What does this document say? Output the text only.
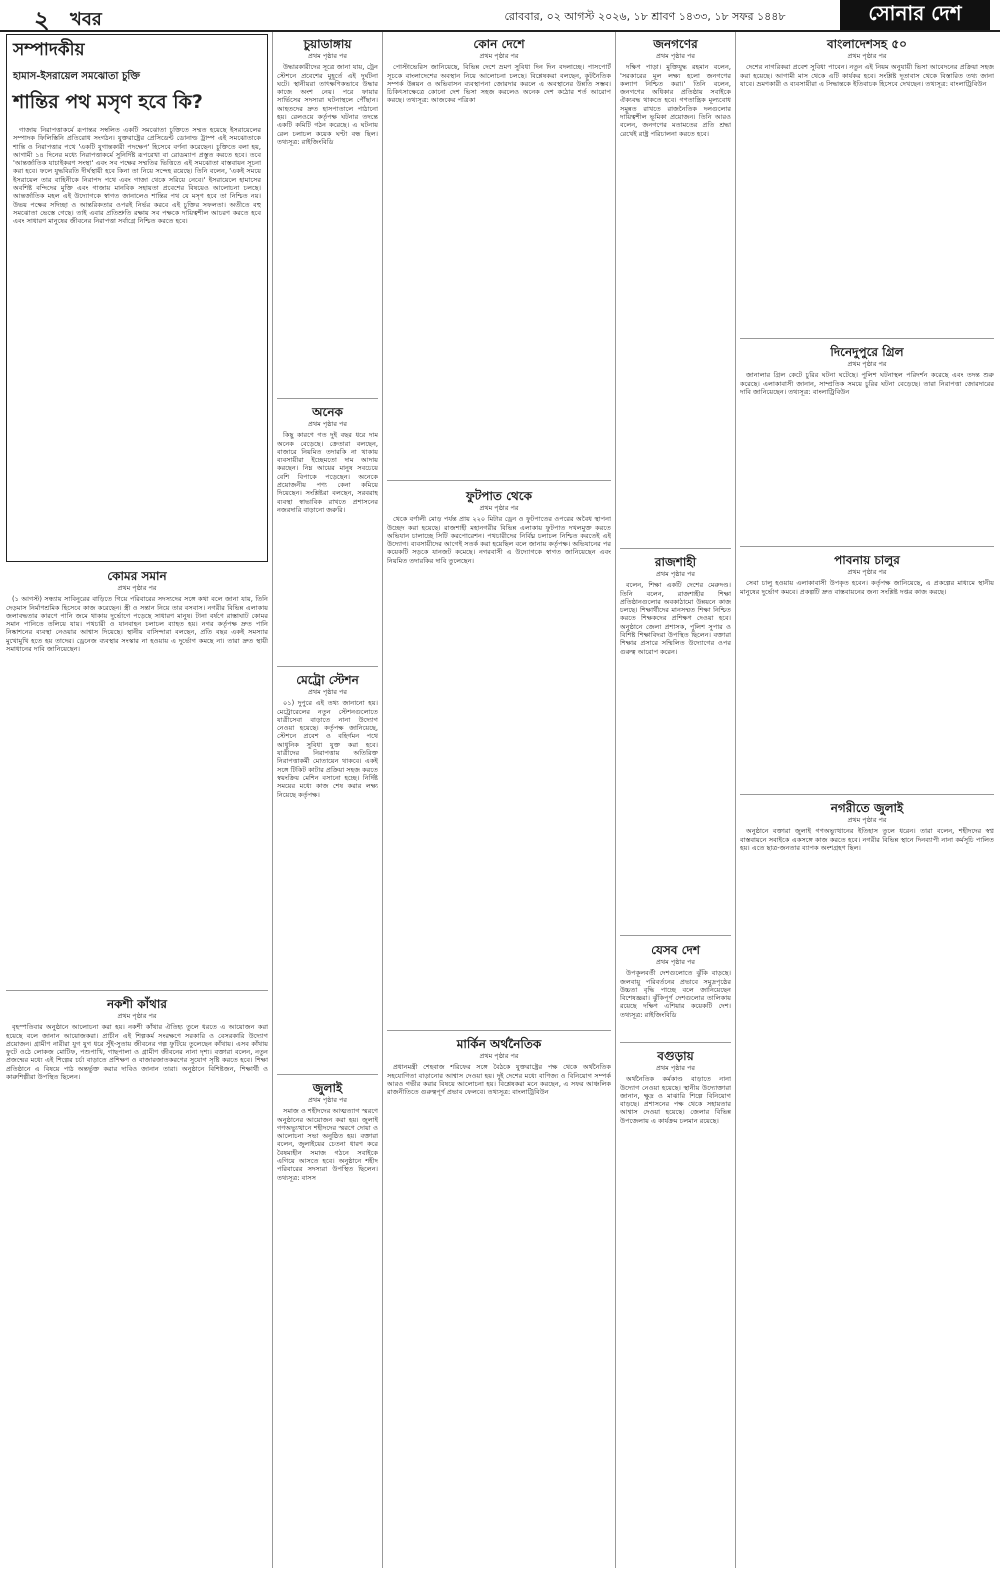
২ খবর	রোববার, ০২ আগস্ট ২০২৬, ১৮ শ্রাবণ ১৪৩৩, ১৮ সফর ১৪৪৮	সোনার দেশ
সম্পাদকীয়
হামাস-ইসরায়েল সমঝোতা চুক্তি
শান্তির পথ মসৃণ হবে কি?

গাজায় নিরাপত্তাকর্মে রূপান্তর সম্বলিত একটি সমঝোতা চুক্তিতে সম্মত হয়েছে ইসরায়েলের সম্পাদক ফিলিস্তিনি প্রতিরোধ সংগঠন। যুক্তরাষ্ট্রের প্রেসিডেন্ট ডোনাল্ড ট্রাম্প এই সমঝোতাকে শান্তি ও নিরাপত্তার পথে 'একটি যুগান্তকারী পদক্ষেপ' হিসেবে বর্ণনা করেছেন। চুক্তিতে বলা হয়, আগামী ১৪ দিনের মধ্যে নিরাপত্তাকর্মে সুনির্দিষ্ট রূপরেখা বা রোডম্যাপ প্রস্তুত করতে হবে। তবে 'আন্তর্জাতিক যাচাইকরণ সংস্থা' এবং সব পক্ষের সম্মতির ভিত্তিতে এই সমঝোতা বাস্তবায়ন সূচনা করা হবে। ফলে যুদ্ধবিরতি দীর্ঘস্থায়ী হবে কিনা তা নিয়ে সন্দেহ রয়েছে। তিনি বলেন, 'একই সময়ে ইসরায়েল তার বাহিনীকে নিরাপদ পথে এবং গাজা থেকে সরিয়ে নেবে।' ইসরায়েলে হামাসের অবশিষ্ট বন্দিদের মুক্তি এবং গাজায় মানবিক সহায়তা প্রবেশের বিষয়েও আলোচনা চলছে। আন্তর্জাতিক মহল এই উদ্যোগকে স্বাগত জানালেও শান্তির পথ যে মসৃণ হবে তা নিশ্চিত নয়। উভয় পক্ষের সদিচ্ছা ও আন্তরিকতার ওপরই নির্ভর করবে এই চুক্তির সফলতা। অতীতে বহু সমঝোতা ভেস্তে গেছে। তাই এবার প্রতিশ্রুতি রক্ষায় সব পক্ষকে দায়িত্বশীল আচরণ করতে হবে এবং সাধারণ মানুষের জীবনের নিরাপত্তা সর্বাগ্রে নিশ্চিত করতে হবে।

কোমর সমান
প্রথম পৃষ্ঠার পর

(১ আগস্ট) সন্ধ্যায় সাবিনুরের বাড়িতে গিয়ে পরিবারের সদস্যদের সঙ্গে কথা বলে জানা যায়, তিনি দেড়মাস নির্মাণশ্রমিক হিসেবে কাজ করেছেন। স্ত্রী ও সন্তান নিয়ে তার বসবাস। নগরীর বিভিন্ন এলাকায় জলাবদ্ধতার কারণে পানি জমে থাকায় দুর্ভোগে পড়েছে সাধারণ মানুষ। টানা বর্ষণে রাস্তাঘাট কোমর সমান পানিতে তলিয়ে যায়। পথচারী ও যানবাহন চলাচল ব্যাহত হয়। নগর কর্তৃপক্ষ দ্রুত পানি নিষ্কাশনের ব্যবস্থা নেওয়ার আশ্বাস দিয়েছে। স্থানীয় বাসিন্দারা বলছেন, প্রতি বছর একই সমস্যার মুখোমুখি হতে হয় তাদের। ড্রেনেজ ব্যবস্থার সংস্কার না হওয়ায় এ দুর্ভোগ কমছে না। তারা দ্রুত স্থায়ী সমাধানের দাবি জানিয়েছেন।

নকশী কাঁথার
প্রথম পৃষ্ঠার পর

বৃহস্পতিবার অনুষ্ঠানে আলোচনা করা হয়। নকশী কাঁথার ঐতিহ্য তুলে ধরতে এ আয়োজন করা হয়েছে বলে জানান আয়োজকরা। প্রাচীন এই শিল্পকর্ম সংরক্ষণে সরকারি ও বেসরকারি উদ্যোগ প্রয়োজন। গ্রামীণ নারীরা যুগ যুগ ধরে সুঁই-সুতায় জীবনের গল্প ফুটিয়ে তুলেছেন কাঁথায়। এসব কাঁথায় ফুটে ওঠে লোকজ মোটিফ, পশুপাখি, গাছপালা ও গ্রামীণ জীবনের নানা দৃশ্য। বক্তারা বলেন, নতুন প্রজন্মের মধ্যে এই শিল্পের চর্চা বাড়াতে প্রশিক্ষণ ও বাজারজাতকরণের সুযোগ সৃষ্টি করতে হবে। শিক্ষা প্রতিষ্ঠানে এ বিষয়ে পাঠ অন্তর্ভুক্ত করার দাবিও জানান তারা। অনুষ্ঠানে বিশিষ্টজন, শিক্ষার্থী ও কারুশিল্পীরা উপস্থিত ছিলেন।

চুয়াডাঙ্গায়
প্রথম পৃষ্ঠার পর

উদ্ধারকারীদের সূত্রে জানা যায়, ট্রেন স্টেশনে প্রবেশের মুহূর্তে এই দুর্ঘটনা ঘটে। স্থানীয়রা তাৎক্ষণিকভাবে উদ্ধার কাজে অংশ নেয়। পরে ফায়ার সার্ভিসের সদস্যরা ঘটনাস্থলে পৌঁছান। আহতদের দ্রুত হাসপাতালে পাঠানো হয়। রেলওয়ে কর্তৃপক্ষ ঘটনার তদন্তে একটি কমিটি গঠন করেছে। এ ঘটনায় রেল চলাচল কয়েক ঘণ্টা বন্ধ ছিল। তথ্যসূত্র: রাইজিংবিডি

অনেক
প্রথম পৃষ্ঠার পর

কিছু কারণে গত দুই বছর ধরে দাম অনেক বেড়েছে। ক্রেতারা বলছেন, বাজারে নিয়মিত তদারকি না থাকায় ব্যবসায়ীরা ইচ্ছেমতো দাম আদায় করছেন। নিম্ন আয়ের মানুষ সবচেয়ে বেশি বিপাকে পড়েছেন। অনেকে প্রয়োজনীয় পণ্য কেনা কমিয়ে দিয়েছেন। সংশ্লিষ্টরা বলছেন, সরবরাহ ব্যবস্থা স্বাভাবিক রাখতে প্রশাসনের নজরদারি বাড়ানো জরুরি।

মেট্রো স্টেশন
প্রথম পৃষ্ঠার পর

০১) দুপুরে এই তথ্য জানানো হয়। মেট্রোরেলের নতুন স্টেশনগুলোতে যাত্রীসেবা বাড়াতে নানা উদ্যোগ নেওয়া হয়েছে। কর্তৃপক্ষ জানিয়েছে, স্টেশনে প্রবেশ ও বহির্গমন পথে আধুনিক সুবিধা যুক্ত করা হবে। যাত্রীদের নিরাপত্তায় অতিরিক্ত নিরাপত্তাকর্মী মোতায়েন থাকবে। একই সঙ্গে টিকিট কাটার প্রক্রিয়া সহজ করতে স্বয়ংক্রিয় মেশিন বসানো হচ্ছে। নির্দিষ্ট সময়ের মধ্যে কাজ শেষ করার লক্ষ্য নিয়েছে কর্তৃপক্ষ।

জুলাই
প্রথম পৃষ্ঠার পর

সমাজ ও শহীদদের আত্মত্যাগ স্মরণে অনুষ্ঠানের আয়োজন করা হয়। জুলাই গণঅভ্যুত্থানে শহীদদের স্মরণে দোয়া ও আলোচনা সভা অনুষ্ঠিত হয়। বক্তারা বলেন, জুলাইয়ের চেতনা ধারণ করে বৈষম্যহীন সমাজ গঠনে সবাইকে এগিয়ে আসতে হবে। অনুষ্ঠানে শহীদ পরিবারের সদস্যরা উপস্থিত ছিলেন। তথ্যসূত্র: বাসস

কোন দেশে
প্রথম পৃষ্ঠার পর

পোস্টাভেরিস জানিয়েছে, বিভিন্ন দেশে ভ্রমণ সুবিধা দিন দিন বদলাচ্ছে। পাসপোর্ট সূচকে বাংলাদেশের অবস্থান নিয়ে আলোচনা চলছে। বিশ্লেষকরা বলছেন, কূটনৈতিক সম্পর্ক উন্নয়ন ও অভিবাসন ব্যবস্থাপনা জোরদার করলে এ অবস্থানের উন্নতি সম্ভব। চিকিৎসাক্ষেত্রে কোনো দেশ ভিসা সহজ করলেও অনেক দেশ কঠোর শর্ত আরোপ করছে। তথ্যসূত্র: আজকের পত্রিকা

ফুটপাত থেকে
প্রথম পৃষ্ঠার পর

থেকে বর্ণালী মোড় পর্যন্ত প্রায় ২২০ মিটার ড্রেন ও ফুটপাতের ওপরের অবৈধ স্থাপনা উচ্ছেদ করা হয়েছে। রাজশাহী মহানগরীর বিভিন্ন এলাকায় ফুটপাত দখলমুক্ত করতে অভিযান চালাচ্ছে সিটি করপোরেশন। পথচারীদের নির্বিঘ্ন চলাচল নিশ্চিত করতেই এই উদ্যোগ। ব্যবসায়ীদের আগেই সতর্ক করা হয়েছিল বলে জানায় কর্তৃপক্ষ। অভিযানের পর কয়েকটি সড়কে যানজট কমেছে। নগরবাসী এ উদ্যোগকে স্বাগত জানিয়েছেন এবং নিয়মিত তদারকির দাবি তুলেছেন।

মার্কিন অর্থনৈতিক
প্রথম পৃষ্ঠার পর

প্রধানমন্ত্রী শেহবাজ শরিফের সঙ্গে বৈঠকে যুক্তরাষ্ট্রের পক্ষ থেকে অর্থনৈতিক সহযোগিতা বাড়ানোর আশ্বাস দেওয়া হয়। দুই দেশের মধ্যে বাণিজ্য ও বিনিয়োগ সম্পর্ক আরও গভীর করার বিষয়ে আলোচনা হয়। বিশ্লেষকরা মনে করছেন, এ সফর আঞ্চলিক রাজনীতিতে গুরুত্বপূর্ণ প্রভাব ফেলবে। তথ্যসূত্র: বাংলাট্রিবিউন

জনগণের
প্রথম পৃষ্ঠার পর

দক্ষিণ পাড়া। মুক্তিযুদ্ধ রহমান বলেন, 'সরকারের মূল লক্ষ্য হলো জনগণের কল্যাণ নিশ্চিত করা।' তিনি বলেন, জনগণের অধিকার প্রতিষ্ঠায় সবাইকে ঐক্যবদ্ধ থাকতে হবে। গণতান্ত্রিক মূল্যবোধ সমুন্নত রাখতে রাজনৈতিক দলগুলোর দায়িত্বশীল ভূমিকা প্রয়োজন। তিনি আরও বলেন, জনগণের মতামতের প্রতি শ্রদ্ধা রেখেই রাষ্ট্র পরিচালনা করতে হবে।

রাজশাহী
প্রথম পৃষ্ঠার পর

বলেন, শিক্ষা একটি দেশের মেরুদণ্ড। তিনি বলেন, রাজশাহীর শিক্ষা প্রতিষ্ঠানগুলোর অবকাঠামো উন্নয়নে কাজ চলছে। শিক্ষার্থীদের মানসম্মত শিক্ষা নিশ্চিত করতে শিক্ষকদের প্রশিক্ষণ দেওয়া হবে। অনুষ্ঠানে জেলা প্রশাসক, পুলিশ সুপার ও বিশিষ্ট শিক্ষাবিদরা উপস্থিত ছিলেন। বক্তারা শিক্ষার প্রসারে সম্মিলিত উদ্যোগের ওপর গুরুত্ব আরোপ করেন।

যেসব দেশ
প্রথম পৃষ্ঠার পর

উপকূলবর্তী দেশগুলোতে ঝুঁকি বাড়ছে। জলবায়ু পরিবর্তনের প্রভাবে সমুদ্রপৃষ্ঠের উচ্চতা বৃদ্ধি পাচ্ছে বলে জানিয়েছেন বিশেষজ্ঞরা। ঝুঁকিপূর্ণ দেশগুলোর তালিকায় রয়েছে দক্ষিণ এশিয়ার কয়েকটি দেশ। তথ্যসূত্র: রাইজিংবিডি

বগুড়ায়
প্রথম পৃষ্ঠার পর

অর্থনৈতিক কর্মকাণ্ড বাড়াতে নানা উদ্যোগ নেওয়া হয়েছে। স্থানীয় উদ্যোক্তারা জানান, ক্ষুদ্র ও মাঝারি শিল্পে বিনিয়োগ বাড়ছে। প্রশাসনের পক্ষ থেকে সহায়তার আশ্বাস দেওয়া হয়েছে। জেলার বিভিন্ন উপজেলায় এ কার্যক্রম চলমান রয়েছে।

বাংলাদেশসহ ৫০
প্রথম পৃষ্ঠার পর

দেশের নাগরিকরা প্রবেশ সুবিধা পাবেন। নতুন এই নিয়ম অনুযায়ী ভিসা আবেদনের প্রক্রিয়া সহজ করা হয়েছে। আগামী মাস থেকে এটি কার্যকর হবে। সংশ্লিষ্ট দূতাবাস থেকে বিস্তারিত তথ্য জানা যাবে। ভ্রমণকারী ও ব্যবসায়ীরা এ সিদ্ধান্তকে ইতিবাচক হিসেবে দেখছেন। তথ্যসূত্র: বাংলাট্রিবিউন

দিনেদুপুরে গ্রিল
প্রথম পৃষ্ঠার পর

জানালার গ্রিল কেটে চুরির ঘটনা ঘটেছে। পুলিশ ঘটনাস্থল পরিদর্শন করেছে এবং তদন্ত শুরু করেছে। এলাকাবাসী জানান, সাম্প্রতিক সময়ে চুরির ঘটনা বেড়েছে। তারা নিরাপত্তা জোরদারের দাবি জানিয়েছেন। তথ্যসূত্র: বাংলাট্রিবিউন

পাবনায় চালুর
প্রথম পৃষ্ঠার পর

সেবা চালু হওয়ায় এলাকাবাসী উপকৃত হবেন। কর্তৃপক্ষ জানিয়েছে, এ প্রকল্পের মাধ্যমে স্থানীয় মানুষের দুর্ভোগ কমবে। প্রকল্পটি দ্রুত বাস্তবায়নের জন্য সংশ্লিষ্ট দপ্তর কাজ করছে।

নগরীতে জুলাই
প্রথম পৃষ্ঠার পর

অনুষ্ঠানে বক্তারা জুলাই গণঅভ্যুত্থানের ইতিহাস তুলে ধরেন। তারা বলেন, শহীদদের স্বপ্ন বাস্তবায়নে সবাইকে একসঙ্গে কাজ করতে হবে। নগরীর বিভিন্ন স্থানে দিনব্যাপী নানা কর্মসূচি পালিত হয়। এতে ছাত্র-জনতার ব্যাপক অংশগ্রহণ ছিল।
